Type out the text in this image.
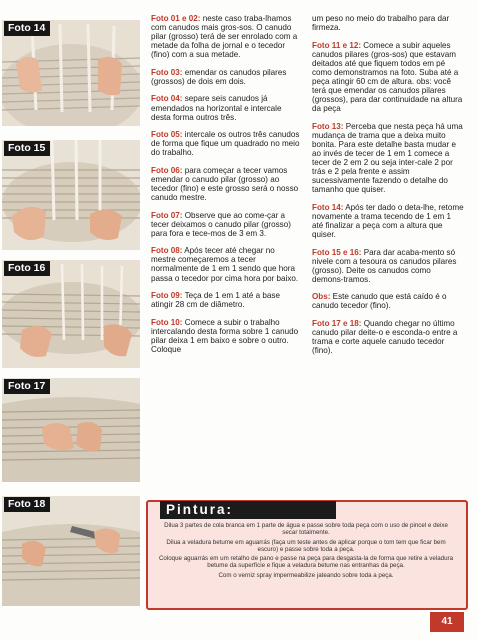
Foto 14
Foto 15
Foto 16
Foto 17
Foto 18

Foto 01 e 02: neste caso traba-lhamos com canudos mais gros-sos. O canudo pilar (grosso) terá de ser enrolado com a metade da folha de jornal e o tecedor (fino) com a sua metade.

Foto 03: emendar os canudos pilares (grossos) de dois em dois.

Foto 04: separe seis canudos já emendados na horizontal e intercale desta forma outros três.

Foto 05: intercale os outros três canudos de forma que fique um quadrado no meio do trabalho.

Foto 06: para começar a tecer vamos emendar o canudo pilar (grosso) ao tecedor (fino) e este grosso será o nosso canudo mestre.

Foto 07: Observe que ao come-çar a tecer deixamos o canudo pilar (grosso) para fora e tece-mos de 3 em 3.

Foto 08: Após tecer até chegar no mestre começaremos a tecer normalmente de 1 em 1 sendo que hora passa o tecedor por cima hora por baixo.

Foto 09: Teça de 1 em 1 até a base atingir 28 cm de diâmetro.

Foto 10: Comece a subir o trabalho intercalando desta forma sobre 1 canudo pilar deixa 1 em baixo e sobre o outro. Coloque

um peso no meio do trabalho para dar firmeza.

Foto 11 e 12: Comece a subir aqueles canudos pilares (gros-sos) que estavam deitados até que fiquem todos em pé como demonstramos na foto. Suba até a peça atingir 60 cm de altura. obs: você terá que emendar os canudos pilares (grossos), para dar continuidade na altura da peça

Foto 13: Perceba que nesta peça há uma mudança de trama que a deixa muito bonita. Para este detalhe basta mudar e ao invés de tecer de 1 em 1 comece a tecer de 2 em 2 ou seja inter-cale 2 por trás e 2 pela frente e assim sucessivamente fazendo o detalhe do tamanho que quiser.

Foto 14: Após ter dado o deta-lhe, retome novamente a trama tecendo de 1 em 1 até finalizar a peça com a altura que quiser.

Foto 15 e 16: Para dar acaba-mento só nivele com a tesoura os canudos pilares (grosso). Deite os canudos como demons-tramos.

Obs: Este canudo que está caído é o canudo tecedor (fino).

Foto 17 e 18: Quando chegar no último canudo pilar deite-o e esconda-o entre a trama e corte aquele canudo tecedor (fino).

Pintura:

Dilua 3 partes de cola branca em 1 parte de água e passe sobre toda peça com o uso de pincel e deixe secar totalmente.

Dilua a veladura betume em aguarrás (faça um teste antes de aplicar porque o tom tem que ficar bem escuro) e passe sobre toda a peça.

Coloque aguarrás em um retalho de pano e passe na peça para desgasta-la de forma que retire a veladura betume da superfície e fique a veladura betume nas entranhas da peça.

Com o verniz spray impermeabilize jateando sobre toda a peça.

41
